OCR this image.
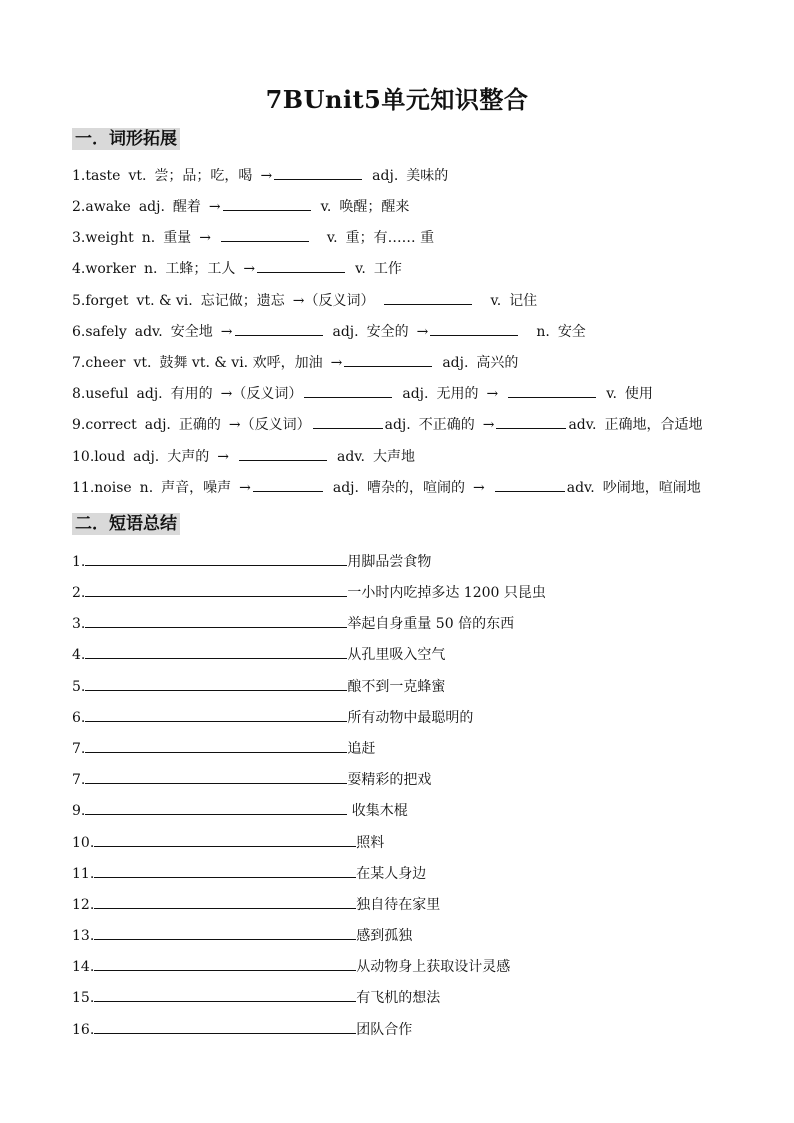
7BUnit5单元知识整合
一．词形拓展
1.taste vt. 尝；品；吃，喝 →	adj. 美味的
2.awake adj. 醒着 →	v. 唤醒；醒来
3.weight n. 重量 →	v. 重；有…… 重
4.worker n. 工蜂；工人 →	v. 工作
5.forget vt. & vi. 忘记做；遗忘 →（反义词）	v. 记住
6.safely adv. 安全地 →	adj. 安全的 →	n. 安全
7.cheer vt. 鼓舞 vt. & vi. 欢呼，加油 →	adj. 高兴的
8.useful adj. 有用的 →（反义词）	adj. 无用的 →	v. 使用
9.correct adj. 正确的 →（反义词）	adj. 不正确的 →	adv. 正确地，合适地
10.loud adj. 大声的 →	adv. 大声地
11.noise n. 声音，噪声 →	adj. 嘈杂的，喧闹的 →	adv. 吵闹地，喧闹地
二．短语总结
1.	用脚品尝食物
2.	一小时内吃掉多达 1200 只昆虫
3.	举起自身重量 50 倍的东西
4.	从孔里吸入空气
5.	酿不到一克蜂蜜
6.	所有动物中最聪明的
7.	追赶
7.	耍精彩的把戏
9.	收集木棍
10.	照料
11.	在某人身边
12.	独自待在家里
13.	感到孤独
14.	从动物身上获取设计灵感
15.	有飞机的想法
16.	团队合作
